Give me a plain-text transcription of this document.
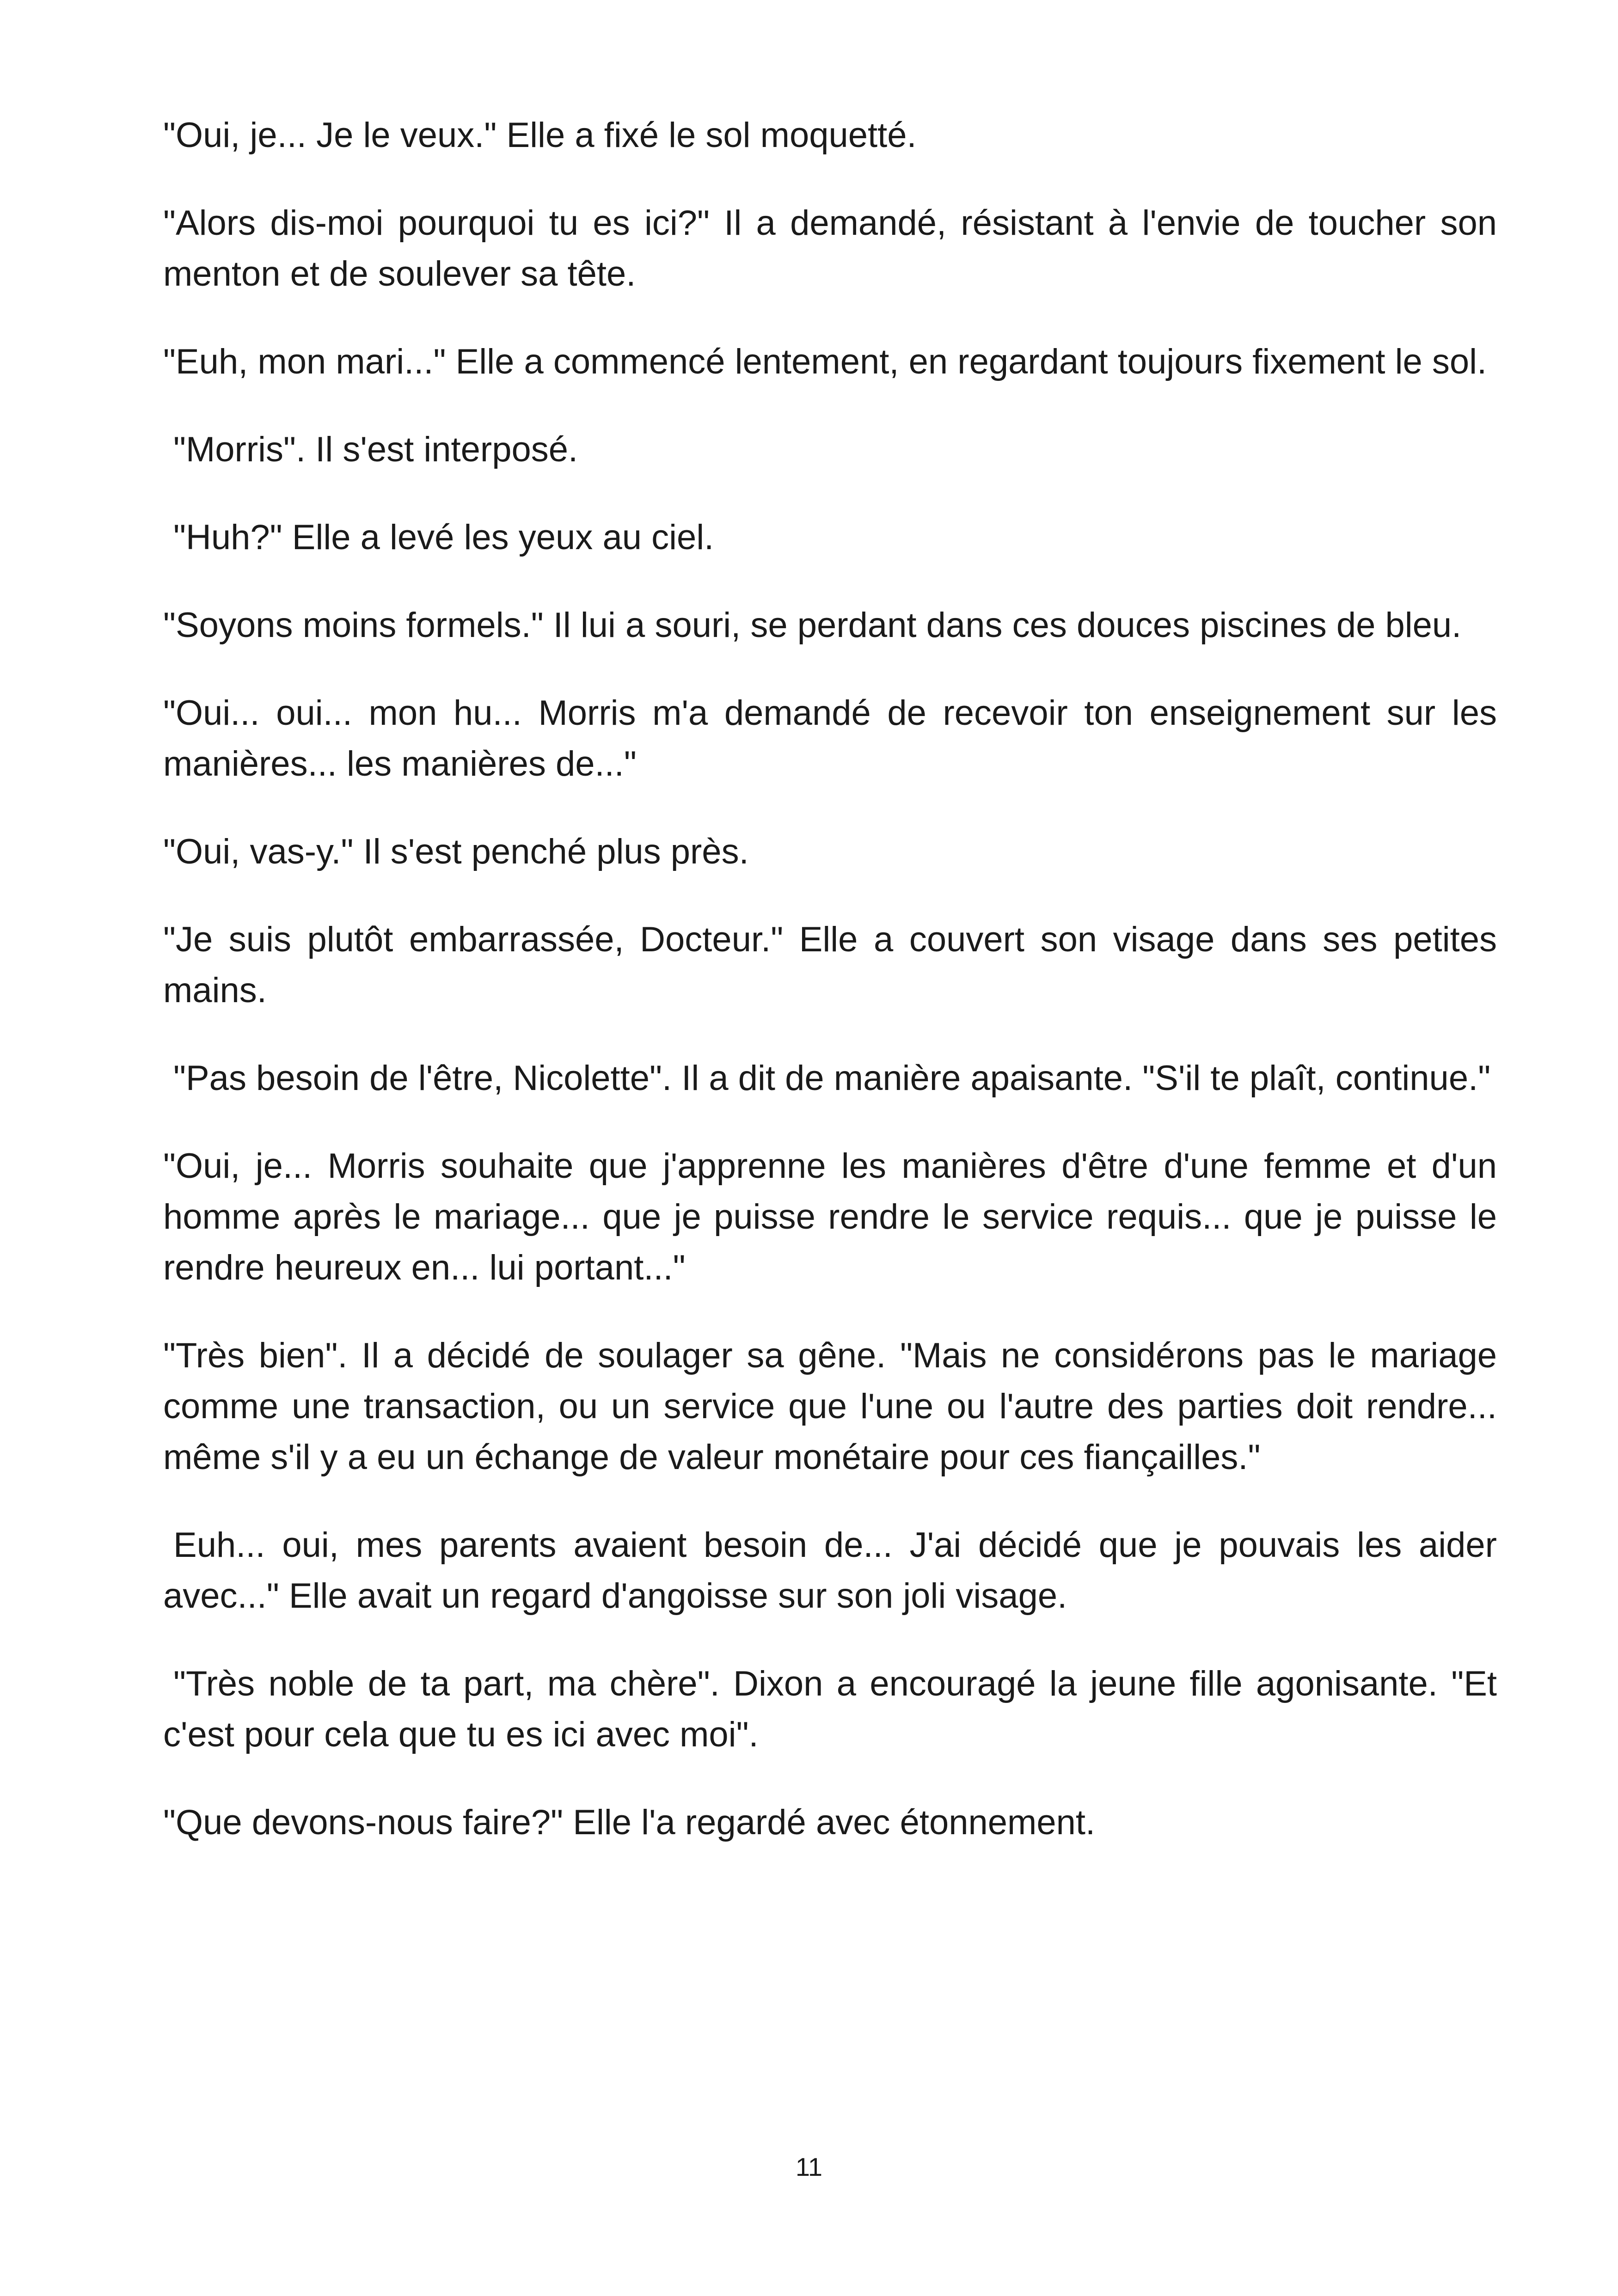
"Oui, je... Je le veux." Elle a fixé le sol moquetté.

"Alors dis-moi pourquoi tu es ici?" Il a demandé, résistant à l'envie de toucher son menton et de soulever sa tête.

"Euh, mon mari..." Elle a commencé lentement, en regardant toujours fixement le sol.

"Morris". Il s'est interposé.

"Huh?" Elle a levé les yeux au ciel.

"Soyons moins formels." Il lui a souri, se perdant dans ces douces piscines de bleu.

"Oui... oui... mon hu... Morris m'a demandé de recevoir ton enseignement sur les manières... les manières de..."

"Oui, vas-y." Il s'est penché plus près.

"Je suis plutôt embarrassée, Docteur." Elle a couvert son visage dans ses petites mains.

"Pas besoin de l'être, Nicolette". Il a dit de manière apaisante. "S'il te plaît, continue."

"Oui, je... Morris souhaite que j'apprenne les manières d'être d'une femme et d'un homme après le mariage... que je puisse rendre le service requis... que je puisse le rendre heureux en... lui portant..."

"Très bien". Il a décidé de soulager sa gêne. "Mais ne considérons pas le mariage comme une transaction, ou un service que l'une ou l'autre des parties doit rendre... même s'il y a eu un échange de valeur monétaire pour ces fiançailles."

Euh... oui, mes parents avaient besoin de... J'ai décidé que je pouvais les aider avec..." Elle avait un regard d'angoisse sur son joli visage.

"Très noble de ta part, ma chère". Dixon a encouragé la jeune fille agonisante. "Et c'est pour cela que tu es ici avec moi".

"Que devons-nous faire?" Elle l'a regardé avec étonnement.

11
